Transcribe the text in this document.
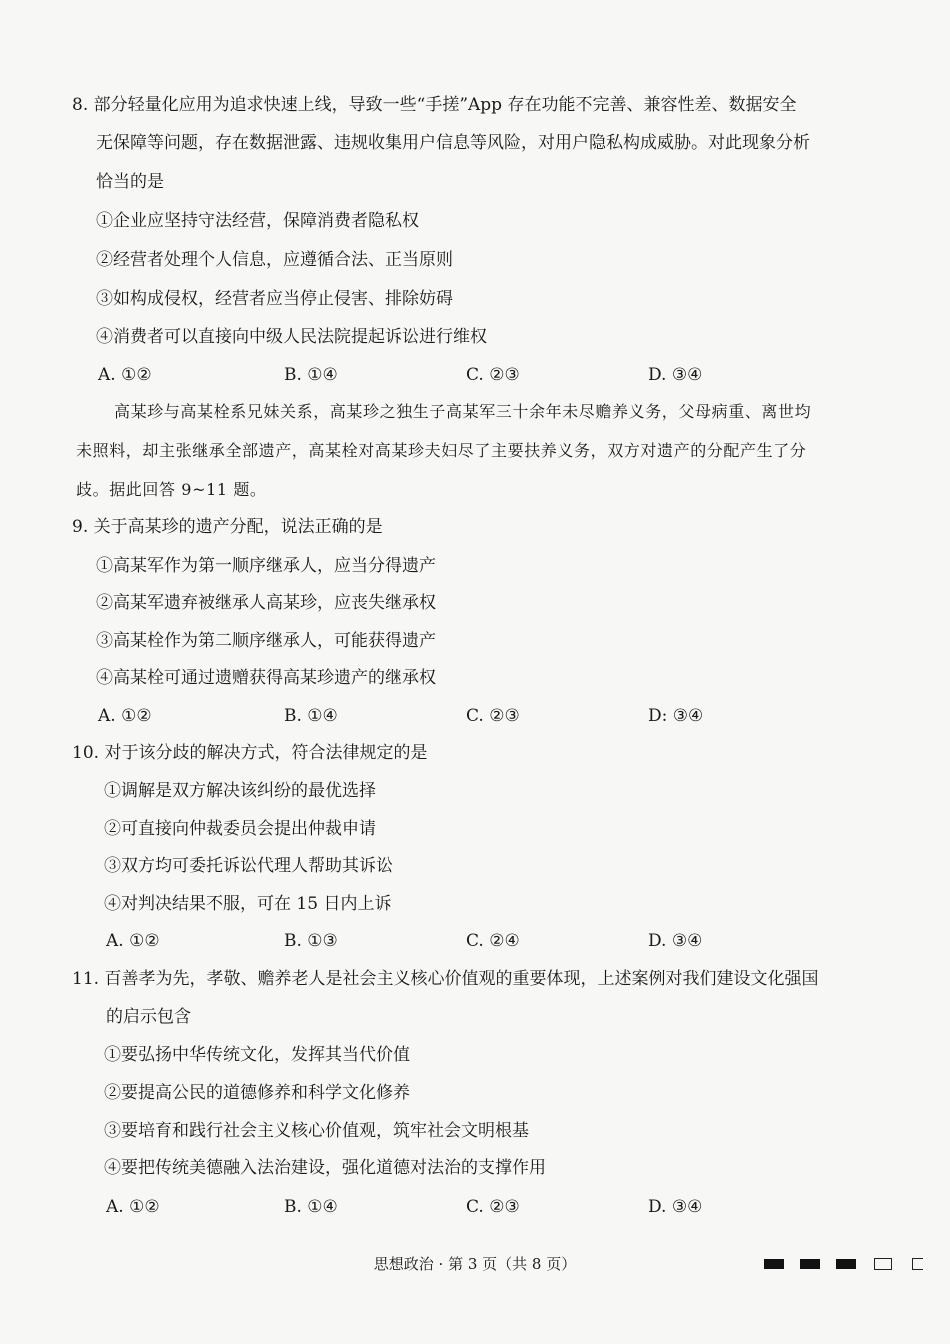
8. 部分轻量化应用为追求快速上线，导致一些“手搓”App 存在功能不完善、兼容性差、数据安全
无保障等问题，存在数据泄露、违规收集用户信息等风险，对用户隐私构成威胁。对此现象分析
恰当的是
①企业应坚持守法经营，保障消费者隐私权
②经营者处理个人信息，应遵循合法、正当原则
③如构成侵权，经营者应当停止侵害、排除妨碍
④消费者可以直接向中级人民法院提起诉讼进行维权
A. ①②	B. ①④	C. ②③	D. ③④
高某珍与高某栓系兄妹关系，高某珍之独生子高某军三十余年未尽赡养义务，父母病重、离世均
未照料，却主张继承全部遗产，高某栓对高某珍夫妇尽了主要扶养义务，双方对遗产的分配产生了分
歧。据此回答 9~11 题。
9. 关于高某珍的遗产分配，说法正确的是
①高某军作为第一顺序继承人，应当分得遗产
②高某军遗弃被继承人高某珍，应丧失继承权
③高某栓作为第二顺序继承人，可能获得遗产
④高某栓可通过遗赠获得高某珍遗产的继承权
A. ①②	B. ①④	C. ②③	D: ③④
10. 对于该分歧的解决方式，符合法律规定的是
①调解是双方解决该纠纷的最优选择
②可直接向仲裁委员会提出仲裁申请
③双方均可委托诉讼代理人帮助其诉讼
④对判决结果不服，可在 15 日内上诉
A. ①②	B. ①③	C. ②④	D. ③④
11. 百善孝为先，孝敬、赡养老人是社会主义核心价值观的重要体现，上述案例对我们建设文化强国
的启示包含
①要弘扬中华传统文化，发挥其当代价值
②要提高公民的道德修养和科学文化修养
③要培育和践行社会主义核心价值观，筑牢社会文明根基
④要把传统美德融入法治建设，强化道德对法治的支撑作用
A. ①②	B. ①④	C. ②③	D. ③④
思想政治 · 第 3 页（共 8 页）
